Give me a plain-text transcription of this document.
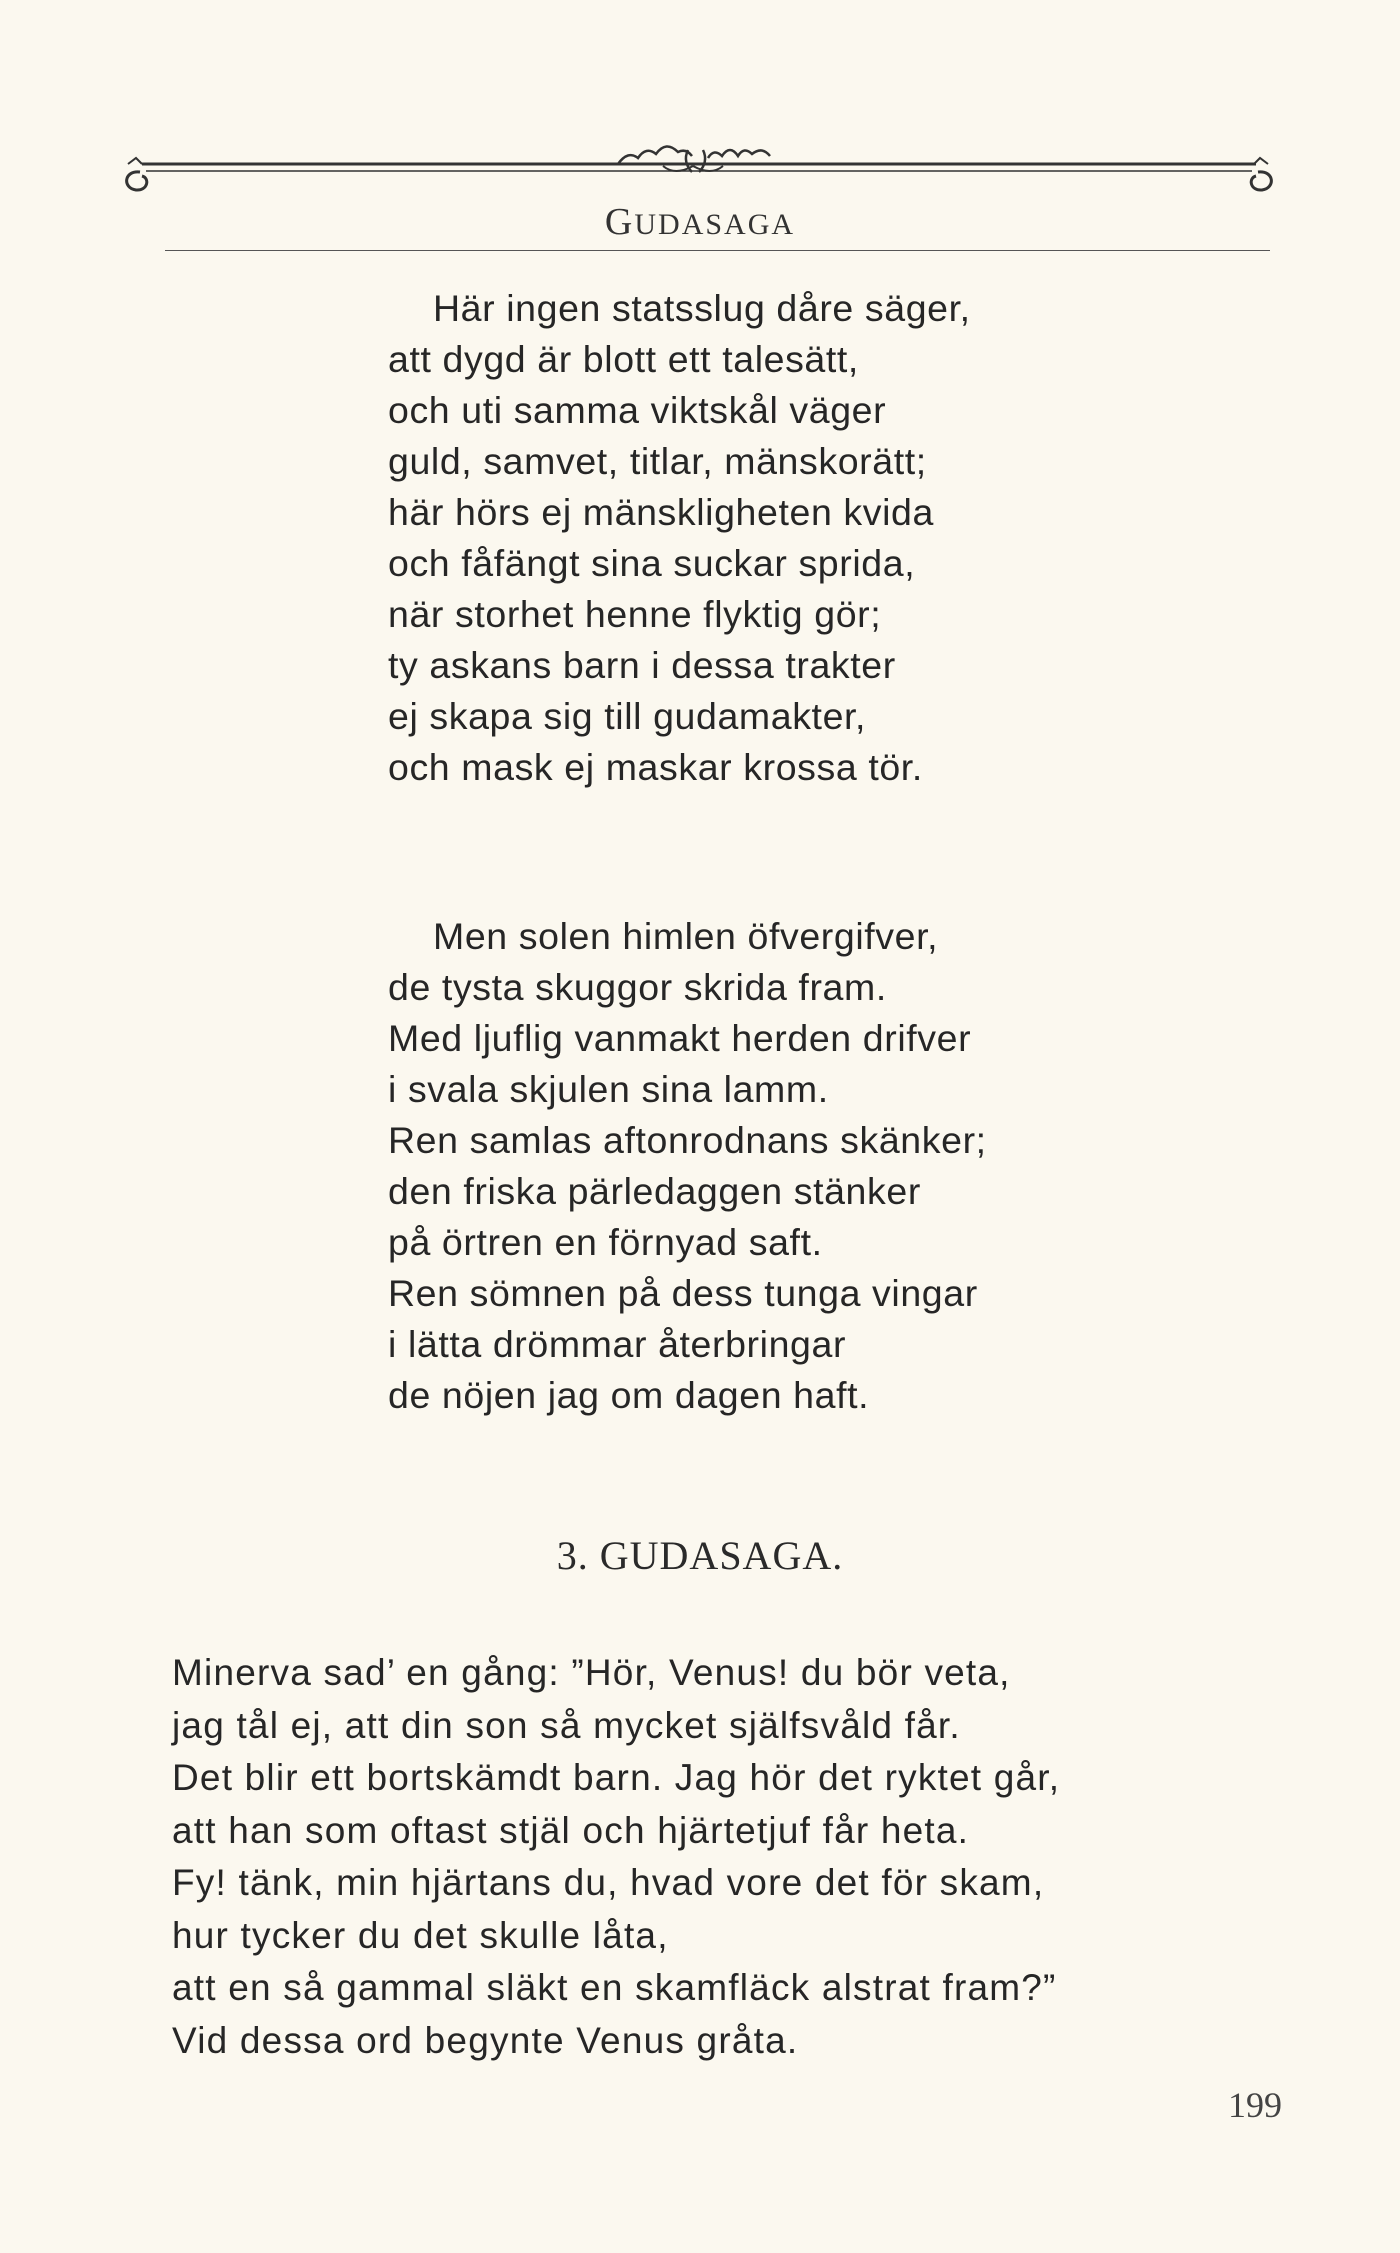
GUDASAGA
Här ingen statsslug dåre säger,
att dygd är blott ett talesätt,
och uti samma viktskål väger
guld, samvet, titlar, mänskorätt;
här hörs ej mänskligheten kvida
och fåfängt sina suckar sprida,
när storhet henne flyktig gör;
ty askans barn i dessa trakter
ej skapa sig till gudamakter,
och mask ej maskar krossa tör.
Men solen himlen öfvergifver,
de tysta skuggor skrida fram.
Med ljuflig vanmakt herden drifver
i svala skjulen sina lamm.
Ren samlas aftonrodnans skänker;
den friska pärledaggen stänker
på örtren en förnyad saft.
Ren sömnen på dess tunga vingar
i lätta drömmar återbringar
de nöjen jag om dagen haft.
3. GUDASAGA.
Minerva sad’ en gång: ”Hör, Venus! du bör veta,
jag tål ej, att din son så mycket själfsvåld får.
Det blir ett bortskämdt barn. Jag hör det ryktet går,
att han som oftast stjäl och hjärtetjuf får heta.
Fy! tänk, min hjärtans du, hvad vore det för skam,
hur tycker du det skulle låta,
att en så gammal släkt en skamfläck alstrat fram?”
Vid dessa ord begynte Venus gråta.
199
